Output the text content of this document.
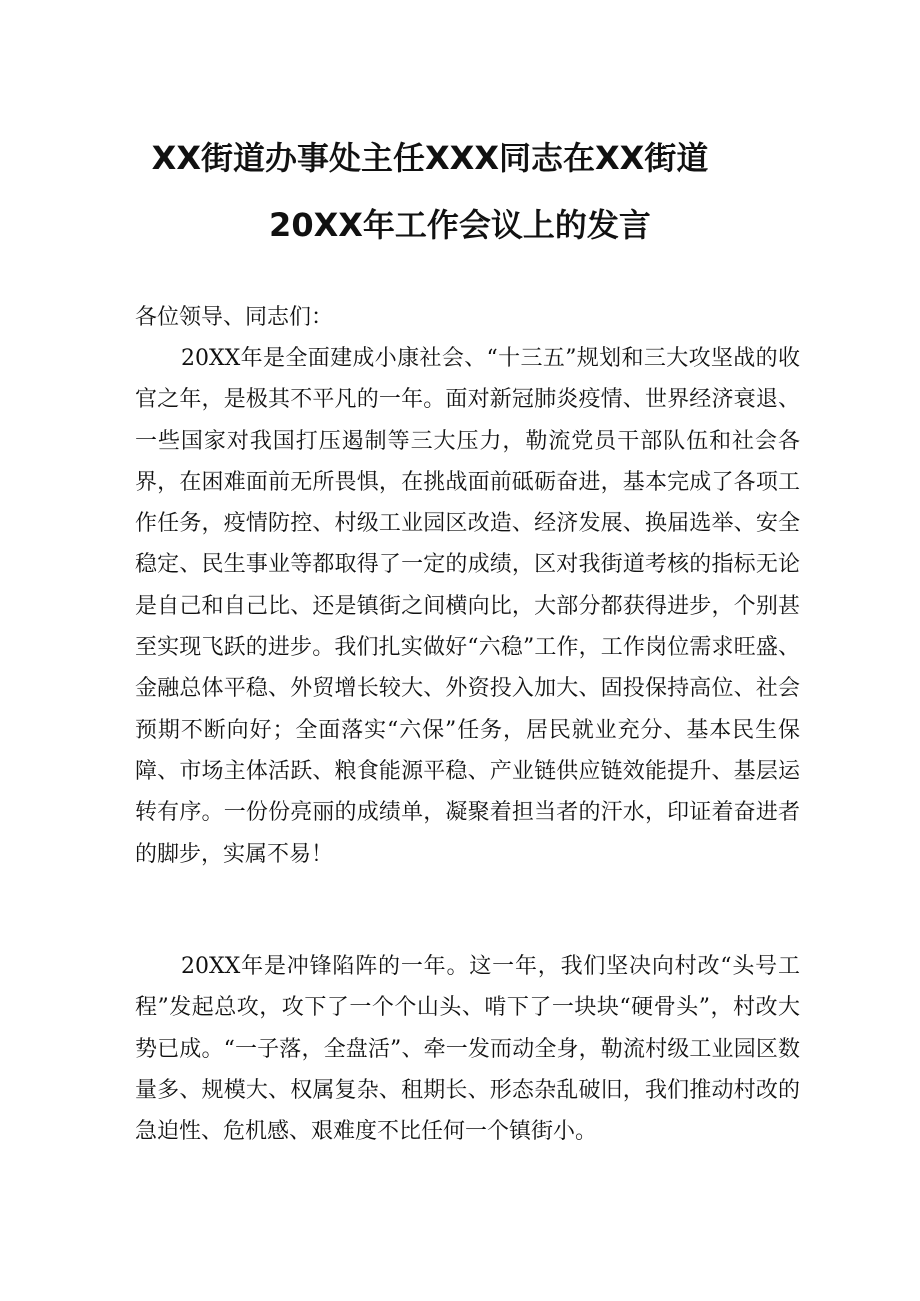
XX街道办事处主任XXX同志在XX街道
20XX年工作会议上的发言

各位领导、同志们：

20XX年是全面建成小康社会、“十三五”规划和三大攻坚战的收官之年，是极其不平凡的一年。面对新冠肺炎疫情、世界经济衰退、一些国家对我国打压遏制等三大压力，勒流党员干部队伍和社会各界，在困难面前无所畏惧，在挑战面前砥砺奋进，基本完成了各项工作任务，疫情防控、村级工业园区改造、经济发展、换届选举、安全稳定、民生事业等都取得了一定的成绩，区对我街道考核的指标无论是自己和自己比、还是镇街之间横向比，大部分都获得进步，个别甚至实现飞跃的进步。我们扎实做好“六稳”工作，工作岗位需求旺盛、金融总体平稳、外贸增长较大、外资投入加大、固投保持高位、社会预期不断向好；全面落实“六保”任务，居民就业充分、基本民生保障、市场主体活跃、粮食能源平稳、产业链供应链效能提升、基层运转有序。一份份亮丽的成绩单，凝聚着担当者的汗水，印证着奋进者的脚步，实属不易！

20XX年是冲锋陷阵的一年。这一年，我们坚决向村改“头号工程”发起总攻，攻下了一个个山头、啃下了一块块“硬骨头”，村改大势已成。“一子落，全盘活”、牵一发而动全身，勒流村级工业园区数量多、规模大、权属复杂、租期长、形态杂乱破旧，我们推动村改的急迫性、危机感、艰难度不比任何一个镇街小。
